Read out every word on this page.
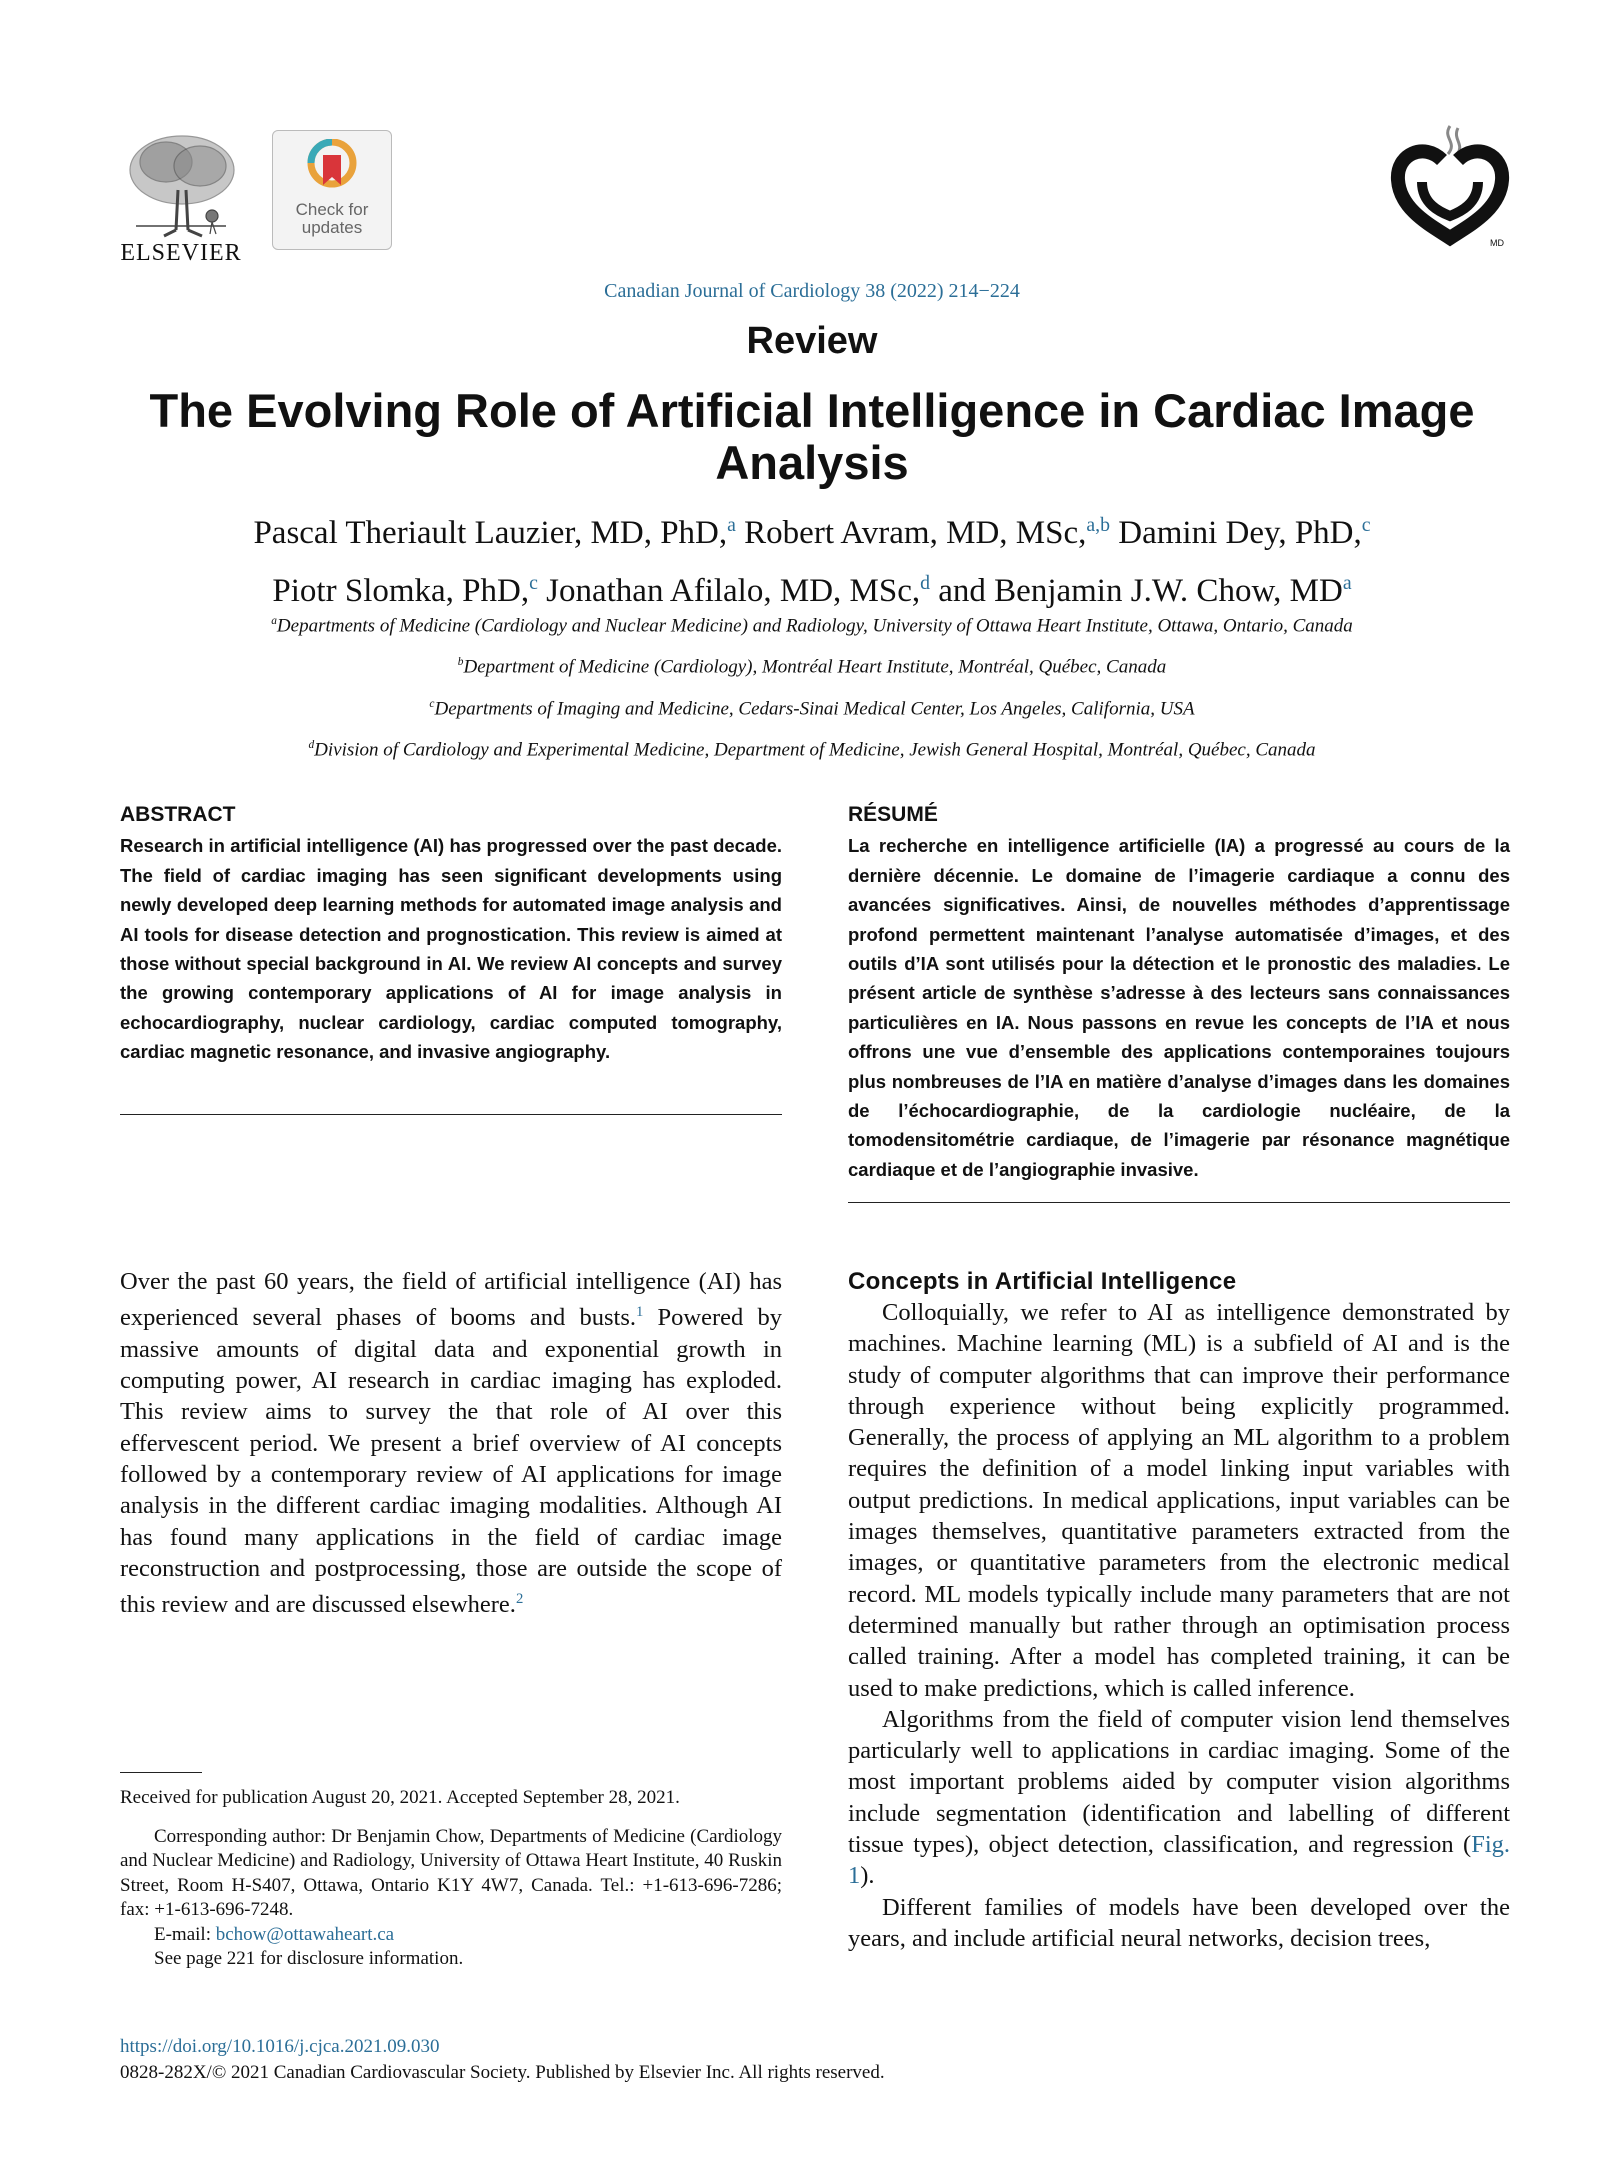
ELSEVIER
Check for updates
MD
Canadian Journal of Cardiology 38 (2022) 214−224
Review
The Evolving Role of Artificial Intelligence in Cardiac Image Analysis
Pascal Theriault Lauzier, MD, PhD,$^a$ Robert Avram, MD, MSc,$^{a,b}$ Damini Dey, PhD,$^c$
Piotr Slomka, PhD,$^c$ Jonathan Afilalo, MD, MSc,$^d$ and Benjamin J.W. Chow, $MD^a$
$^a$Departments of Medicine (Cardiology and Nuclear Medicine) and Radiology, University of Ottawa Heart Institute, Ottawa, Ontario, Canada
$^b$Department of Medicine (Cardiology), Montréal Heart Institute, Montréal, Québec, Canada
$^c$Departments of Imaging and Medicine, Cedars-Sinai Medical Center, Los Angeles, California, USA
$^d$Division of Cardiology and Experimental Medicine, Department of Medicine, Jewish General Hospital, Montréal, Québec, Canada
ABSTRACT
Research in artificial intelligence (AI) has progressed over the past decade. The field of cardiac imaging has seen significant developments using newly developed deep learning methods for automated image analysis and AI tools for disease detection and prognostication. This review is aimed at those without special background in AI. We review AI concepts and survey the growing contemporary applications of AI for image analysis in echocardiography, nuclear cardiology, cardiac computed tomography, cardiac magnetic resonance, and invasive angiography.
RÉSUMÉ
La recherche en intelligence artificielle (IA) a progressé au cours de la dernière décennie. Le domaine de l’imagerie cardiaque a connu des avancées significatives. Ainsi, de nouvelles méthodes d’apprentissage profond permettent maintenant l’analyse automatisée d’images, et des outils d’IA sont utilisés pour la détection et le pronostic des maladies. Le présent article de synthèse s’adresse à des lecteurs sans connaissances particulières en IA. Nous passons en revue les concepts de l’IA et nous offrons une vue d’ensemble des applications contemporaines toujours plus nombreuses de l’IA en matière d’analyse d’images dans les domaines de l’échocardiographie, de la cardiologie nucléaire, de la tomodensitométrie cardiaque, de l’imagerie par résonance magnétique cardiaque et de l’angiographie invasive.

Over the past 60 years, the field of artificial intelligence (AI) has experienced several phases of booms and busts.$^1$ Powered by massive amounts of digital data and exponential growth in computing power, AI research in cardiac imaging has exploded. This review aims to survey the that role of AI over this effervescent period. We present a brief overview of AI concepts followed by a contemporary review of AI applications for image analysis in the different cardiac imaging modalities. Although AI has found many applications in the field of cardiac image reconstruction and postprocessing, those are outside the scope of this review and are discussed elsewhere.$^2$

Concepts in Artificial Intelligence

Colloquially, we refer to AI as intelligence demonstrated by machines. Machine learning (ML) is a subfield of AI and is the study of computer algorithms that can improve their performance through experience without being explicitly programmed. Generally, the process of applying an ML algorithm to a problem requires the definition of a model linking input variables with output predictions. In medical applications, input variables can be images themselves, quantitative parameters extracted from the images, or quantitative parameters from the electronic medical record. ML models typically include many parameters that are not determined manually but rather through an optimisation process called training. After a model has completed training, it can be used to make predictions, which is called inference.

Algorithms from the field of computer vision lend themselves particularly well to applications in cardiac imaging. Some of the most important problems aided by computer vision algorithms include segmentation (identification and labelling of different tissue types), object detection, classification, and regression (Fig. 1).

Different families of models have been developed over the years, and include artificial neural networks, decision trees,

Received for publication August 20, 2021. Accepted September 28, 2021.

Corresponding author: Dr Benjamin Chow, Departments of Medicine (Cardiology and Nuclear Medicine) and Radiology, University of Ottawa Heart Institute, 40 Ruskin Street, Room H-S407, Ottawa, Ontario K1Y 4W7, Canada. Tel.: +1-613-696-7286; fax: +1-613-696-7248.

E-mail: bchow@ottawaheart.ca

See page 221 for disclosure information.

https://doi.org/10.1016/j.cjca.2021.09.030
0828-282X/© 2021 Canadian Cardiovascular Society. Published by Elsevier Inc. All rights reserved.
